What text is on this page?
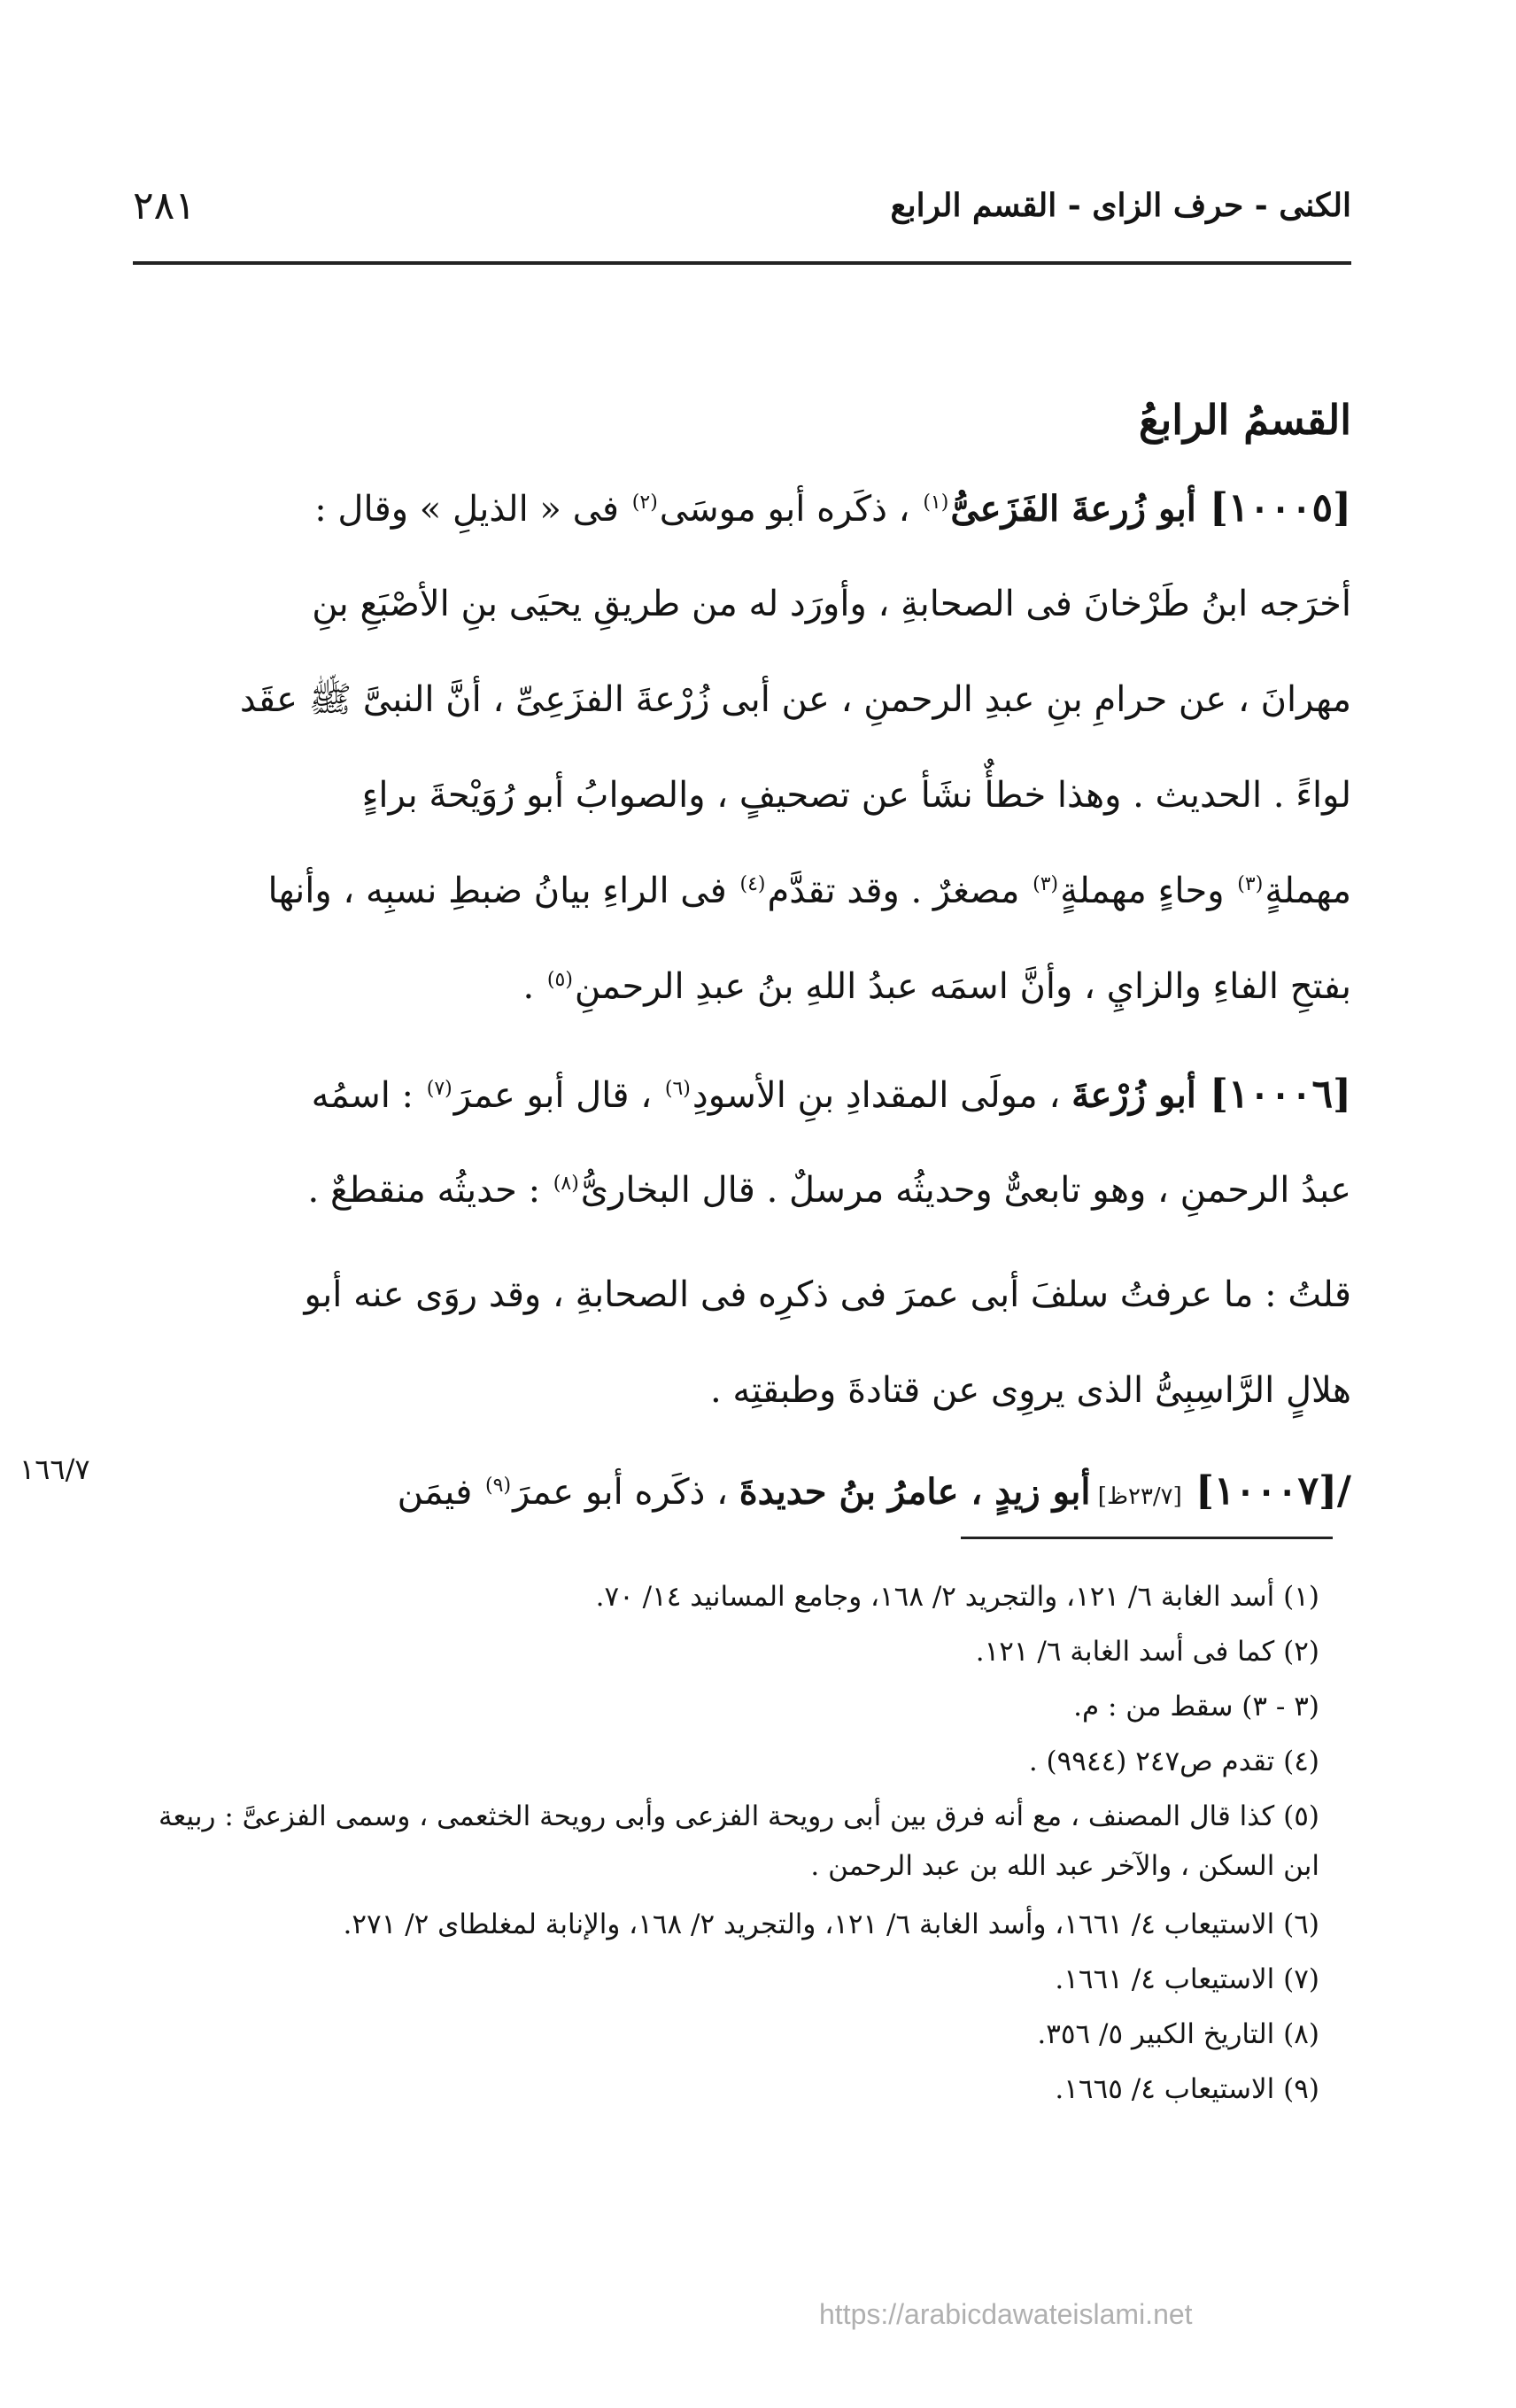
الكنى - حرف الزاى - القسم الرابع
٢٨١
القسمُ الرابعُ
[١٠٠٠٥] أبو زُرعةَ الفَزَعىُّ$^{(١)}$ ، ذكَره أبو موسَى$^{(٢)}$ فى « الذيلِ » وقال :
أخرَجه ابنُ طَرْخانَ فى الصحابةِ ، وأورَد له من طريقِ يحيَى بنِ الأصْبَعِ بنِ
مهرانَ ، عن حرامِ بنِ عبدِ الرحمنِ ، عن أبى زُرْعةَ الفزَعِىِّ ، أنَّ النبىَّ ﷺ عقَد
لواءً . الحديث . وهذا خطأٌ نشَأ عن تصحيفٍ ، والصوابُ أبو رُوَيْحةَ براءٍ
مهملةٍ$^{(٣)}$ وحاءٍ مهملةٍ$^{(٣)}$ مصغرٌ . وقد تقدَّم$^{(٤)}$ فى الراءِ بيانُ ضبطِ نسبِه ، وأنها
بفتحِ الفاءِ والزايِ ، وأنَّ اسمَه عبدُ اللهِ بنُ عبدِ الرحمنِ$^{(٥)}$ .
[١٠٠٠٦] أبو زُرْعةَ ، مولَى المقدادِ بنِ الأسودِ$^{(٦)}$ ، قال أبو عمرَ$^{(٧)}$ : اسمُه
عبدُ الرحمنِ ، وهو تابعىٌّ وحديثُه مرسلٌ . قال البخارىُّ$^{(٨)}$ : حديثُه منقطعٌ .
قلتُ : ما عرفتُ سلفَ أبى عمرَ فى ذكرِه فى الصحابةِ ، وقد روَى عنه أبو
هلالٍ الرَّاسِبِىُّ الذى يروِى عن قتادةَ وطبقتِه .
/[١٠٠٠٧] [٢٣/٧ظ] أبو زيدٍ ، عامرُ بنُ حديدةَ ، ذكَره أبو عمرَ$^{(٩)}$ فيمَن
١٦٦/٧
(١) أسد الغابة ٦/ ١٢١، والتجريد ٢/ ١٦٨، وجامع المسانيد ١٤/ ٧٠.
(٢) كما فى أسد الغابة ٦/ ١٢١.
(٣ - ٣) سقط من : م.
(٤) تقدم ص٢٤٧ (٩٩٤٤) .
(٥) كذا قال المصنف ، مع أنه فرق بين أبى رويحة الفزعى وأبى رويحة الخثعمى ، وسمى الفزعىَّ : ربيعة
ابن السكن ، والآخر عبد الله بن عبد الرحمن .
(٦) الاستيعاب ٤/ ١٦٦١، وأسد الغابة ٦/ ١٢١، والتجريد ٢/ ١٦٨، والإنابة لمغلطاى ٢/ ٢٧١.
(٧) الاستيعاب ٤/ ١٦٦١.
(٨) التاريخ الكبير ٥/ ٣٥٦.
(٩) الاستيعاب ٤/ ١٦٦٥.
https://arabicdawateislami.net
